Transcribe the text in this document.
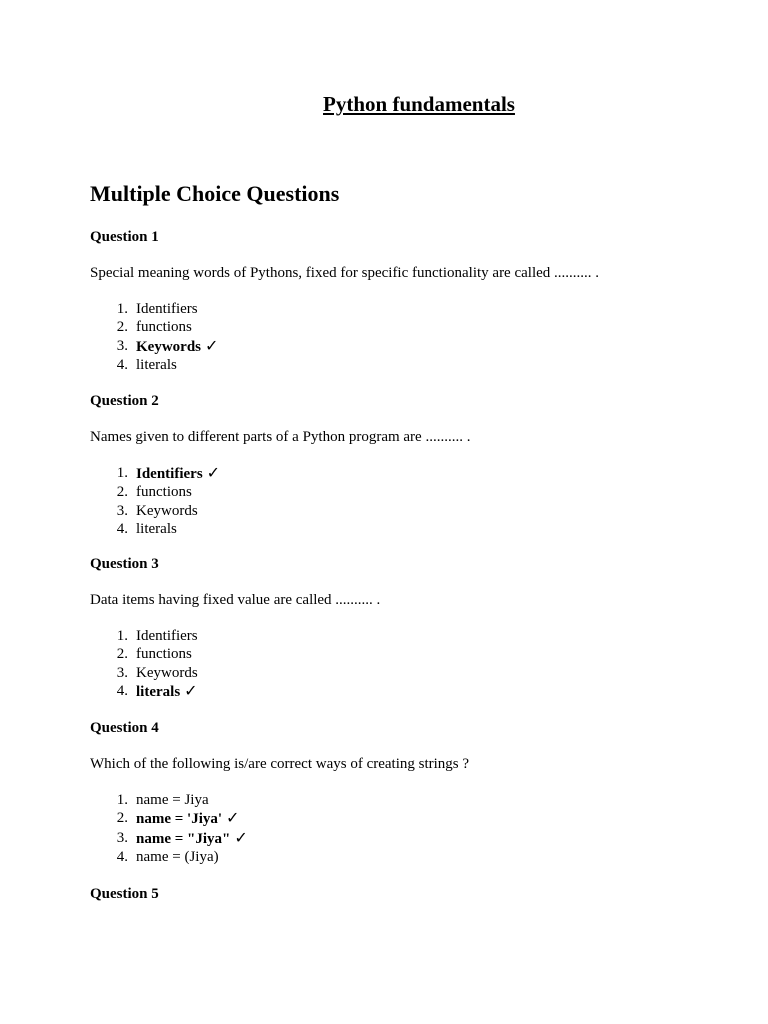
Python fundamentals
Multiple Choice Questions

Question 1

Special meaning words of Pythons, fixed for specific functionality are called .......... .

1. Identifiers
2. functions
3. Keywords ✓
4. literals

Question 2

Names given to different parts of a Python program are .......... .

1. Identifiers ✓
2. functions
3. Keywords
4. literals

Question 3

Data items having fixed value are called .......... .

1. Identifiers
2. functions
3. Keywords
4. literals ✓

Question 4

Which of the following is/are correct ways of creating strings ?

1. name = Jiya
2. name = 'Jiya' ✓
3. name = "Jiya" ✓
4. name = (Jiya)

Question 5
